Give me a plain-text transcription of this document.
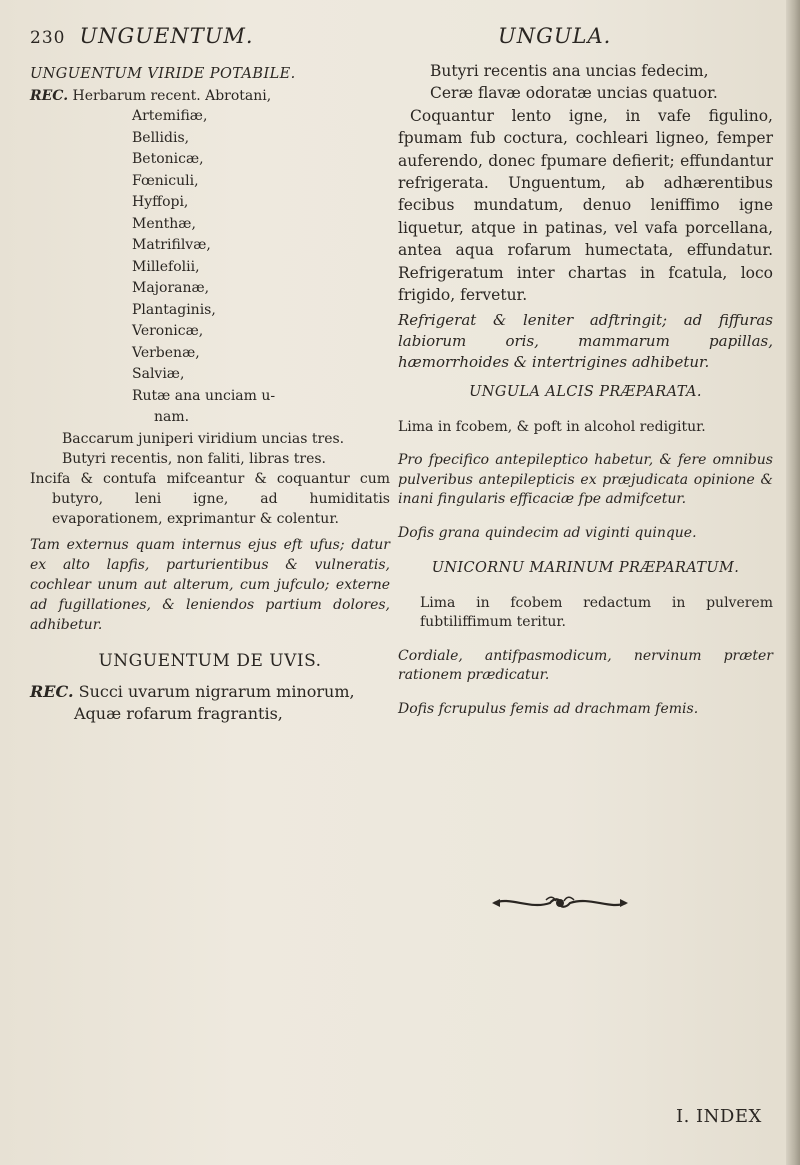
230 UNGUENTUM.	UNGULA.
UNGUENTUM VIRIDE POTABILE.
REC. Herbarum recent. Abrotani,
Artemifiæ,
Bellidis,
Betonicæ,
Fœniculi,
Hyffopi,
Menthæ,
Matrifilvæ,
Millefolii,
Majoranæ,
Plantaginis,
Veronicæ,
Verbenæ,
Salviæ,
Rutæ ana unciam u-
nam.
Baccarum juniperi viridium uncias tres.
Butyri recentis, non faliti, libras tres.

Incifa & contufa mifceantur & coquantur cum butyro, leni igne, ad humiditatis evaporationem, exprimantur & colentur.

Tam externus quam internus ejus eft ufus; datur ex alto lapfis, parturientibus & vulneratis, cochlear unum aut alterum, cum jufculo; externe ad fugillationes, & leniendos partium dolores, adhibetur.

UNGUENTUM DE UVIS.
REC. Succi uvarum nigrarum minorum,
Aquæ rofarum fragrantis,
Butyri recentis ana uncias fedecim,
Ceræ flavæ odoratæ uncias quatuor.

Coquantur lento igne, in vafe figulino, fpumam fub coctura, cochleari ligneo, femper auferendo, donec fpumare defierit; effundantur refrigerata. Unguentum, ab adhærentibus fecibus mundatum, denuo leniffimo igne liquetur, atque in patinas, vel vafa porcellana, antea aqua rofarum humectata, effundatur. Refrigeratum inter chartas in fcatula, loco frigido, fervetur.

Refrigerat & leniter adftringit; ad fiffuras labiorum oris, mammarum papillas, hæmorrhoides & intertrigines adhibetur.

UNGULA ALCIS PRÆPARATA.

Lima in fcobem, & poft in alcohol redigitur.

Pro fpecifico antepileptico habetur, & fere omnibus pulveribus antepilepticis ex præjudicata opinione & inani fingularis efficaciæ fpe admifcetur.

Dofis grana quindecim ad viginti quinque.

UNICORNU MARINUM PRÆPARATUM.

Lima in fcobem redactum in pulverem fubtiliffimum teritur.

Cordiale, antifpasmodicum, nervinum præter rationem prædicatur.

Dofis fcrupulus femis ad drachmam femis.

I. INDEX
